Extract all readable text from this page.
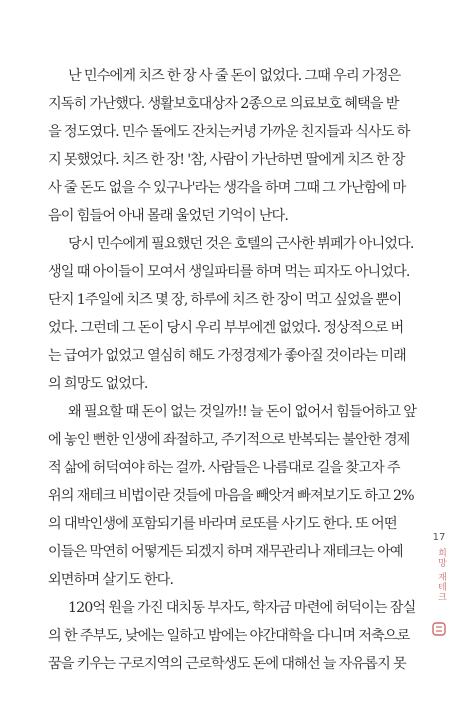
난 민수에게 치즈 한 장 사 줄 돈이 없었다. 그때 우리 가정은
지독히 가난했다. 생활보호대상자 2종으로 의료보호 혜택을 받
을 정도였다. 민수 돌에도 잔치는커녕 가까운 친지들과 식사도 하
지 못했었다. 치즈 한 장! '참, 사람이 가난하면 딸에게 치즈 한 장
사 줄 돈도 없을 수 있구나'라는 생각을 하며 그때 그 가난함에 마
음이 힘들어 아내 몰래 울었던 기억이 난다.
당시 민수에게 필요했던 것은 호텔의 근사한 뷔페가 아니었다.
생일 때 아이들이 모여서 생일파티를 하며 먹는 피자도 아니었다.
단지 1주일에 치즈 몇 장, 하루에 치즈 한 장이 먹고 싶었을 뿐이
었다. 그런데 그 돈이 당시 우리 부부에겐 없었다. 정상적으로 버
는 급여가 없었고 열심히 해도 가정경제가 좋아질 것이라는 미래
의 희망도 없었다.
왜 필요할 때 돈이 없는 것일까!! 늘 돈이 없어서 힘들어하고 앞
에 놓인 뻔한 인생에 좌절하고, 주기적으로 반복되는 불안한 경제
적 삶에 허덕여야 하는 걸까. 사람들은 나름대로 길을 찾고자 주
위의 재테크 비법이란 것들에 마음을 빼앗겨 빠져보기도 하고 2%
의 대박인생에 포함되기를 바라며 로또를 사기도 한다. 또 어떤
이들은 막연히 어떻게든 되겠지 하며 재무관리나 재테크는 아예
외면하며 살기도 한다.
120억 원을 가진 대치동 부자도, 학자금 마련에 허덕이는 잠실
의 한 주부도, 낮에는 일하고 밤에는 야간대학을 다니며 저축으로
꿈을 키우는 구로지역의 근로학생도 돈에 대해선 늘 자유롭지 못
17
희망 재테크
